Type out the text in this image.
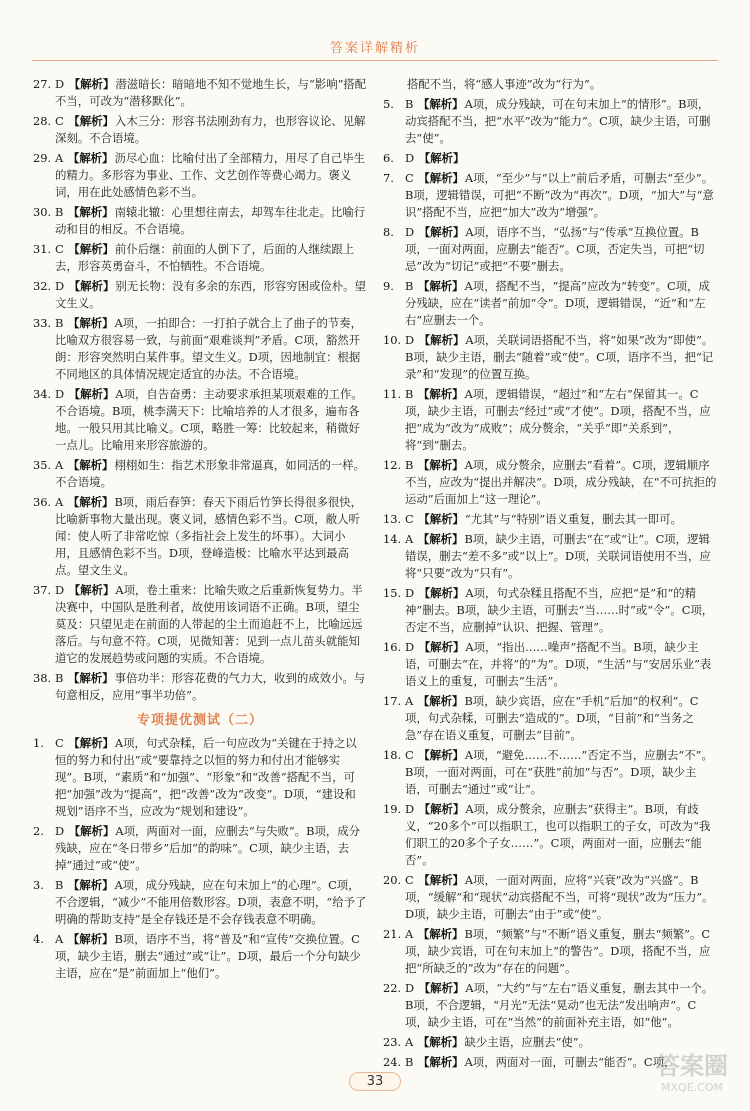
答案详解精析
27. D 【解析】潜滋暗长：暗暗地不知不觉地生长，与“影响”搭配不当，可改为“潜移默化”。
28. C 【解析】入木三分：形容书法刚劲有力，也形容议论、见解深刻。不合语境。
29. A 【解析】沥尽心血：比喻付出了全部精力，用尽了自己毕生的精力。多形容为事业、工作、文艺创作等费心竭力。褒义词，用在此处感情色彩不当。
30. B 【解析】南辕北辙：心里想往南去，却驾车往北走。比喻行动和目的相反。不合语境。
31. C 【解析】前仆后继：前面的人倒下了，后面的人继续跟上去，形容英勇奋斗，不怕牺牲。不合语境。
32. D 【解析】别无长物：没有多余的东西，形容穷困或俭朴。望文生义。
33. B 【解析】A项，一拍即合：一打拍子就合上了曲子的节奏，比喻双方很容易一致，与前面“艰难谈判”矛盾。C项，豁然开朗：形容突然明白某件事。望文生义。D项，因地制宜：根据不同地区的具体情况规定适宜的办法。不合语境。
34. D 【解析】A项，自告奋勇：主动要求承担某项艰难的工作。不合语境。B项，桃李满天下：比喻培养的人才很多，遍布各地。一般只用其比喻义。C项，略胜一筹：比较起来，稍微好一点儿。比喻用来形容旅游的。
35. A 【解析】栩栩如生：指艺术形象非常逼真，如同活的一样。不合语境。
36. A 【解析】B项，雨后春笋：春天下雨后竹笋长得很多很快，比喻新事物大量出现。褒义词，感情色彩不当。C项，敝人听闻：使人听了非常吃惊（多指社会上发生的坏事）。大词小用，且感情色彩不当。D项，登峰造极：比喻水平达到最高点。望文生义。
37. D 【解析】A项，卷土重来：比喻失败之后重新恢复势力。半决赛中，中国队是胜利者，故使用该词语不正确。B项，望尘莫及：只望见走在前面的人带起的尘土而追赶不上，比喻远远落后。与句意不符。C项，见微知著：见到一点儿苗头就能知道它的发展趋势或问题的实质。不合语境。
38. B 【解析】事倍功半：形容花费的气力大，收到的成效小。与句意相反，应用“事半功倍”。
专项提优测试（二）
1. C 【解析】A项，句式杂糅，后一句应改为“关键在于持之以恒的努力和付出”或“要靠持之以恒的努力和付出才能够实现”。B项，“素质”和“加强”、“形象”和“改善”搭配不当，可把“加强”改为“提高”，把“改善”改为“改变”。D项，“建设和规划”语序不当，应改为“规划和建设”。
2. D 【解析】A项，两面对一面，应删去“与失败”。B项，成分残缺，应在“冬日带乡”后加“的韵味”。C项，缺少主语，去掉“通过”或“使”。
3. B 【解析】A项，成分残缺，应在句末加上“的心理”。C项，不合逻辑，“减少”不能用倍数形容。D项，表意不明，“给予了明确的帮助支持”是全存钱还是不会存钱表意不明确。
4. A 【解析】B项，语序不当，将“普及”和“宣传”交换位置。C项，缺少主语，删去“通过”或“让”。D项，最后一个分句缺少主语，应在“是”前面加上“他们”。
搭配不当，将“感人事迹”改为“行为”。
5. B 【解析】A项，成分残缺，可在句末加上“的情形”。B项，动宾搭配不当，把“水平”改为“能力”。C项，缺少主语，可删去“使”。
6. D 【解析】
7. C 【解析】A项，“至少”与“以上”前后矛盾，可删去“至少”。B项，逻辑错误，可把“不断”改为“再次”。D项，“加大”与“意识”搭配不当，应把“加大”改为“增强”。
8. D 【解析】A项，语序不当，“弘扬”与“传承”互换位置。B项，一面对两面，应删去“能否”。C项，否定失当，可把“切忌”改为“切记”或把“不要”删去。
9. B 【解析】A项，搭配不当，“提高”应改为“转变”。C项，成分残缺，应在“读者”前加“令”。D项，逻辑错误，“近”和“左右”应删去一个。
10. D 【解析】A项，关联词语搭配不当，将“如果”改为“即使”。B项，缺少主语，删去“随着”或“使”。C项，语序不当，把“记录”和“发现”的位置互换。
11. B 【解析】A项，逻辑错误，“超过”和“左右”保留其一。C项，缺少主语，可删去“经过”或“才使”。D项，搭配不当，应把“成为”改为“成败”；成分赘余，“关乎”即“关系到”，将“到”删去。
12. B 【解析】A项，成分赘余，应删去“看着”。C项，逻辑顺序不当，应改为“提出并解决”。D项，成分残缺，在“不可抗拒的运动”后面加上“这一理论”。
13. C 【解析】“尤其”与“特别”语义重复，删去其一即可。
14. A 【解析】B项，缺少主语，可删去“在”或“让”。C项，逻辑错误，删去“差不多”或“以上”。D项，关联词语使用不当，应将“只要”改为“只有”。
15. D 【解析】A项，句式杂糅且搭配不当，应把“是”和“的精神”删去。B项，缺少主语，可删去“当……时”或“令”。C项，否定不当，应删掉“认识、把握、管理”。
16. D 【解析】A项，“指出……噪声”搭配不当。B项，缺少主语，可删去“在，并将”的“为”。D项，“生活”与“安居乐业”表语义上的重复，可删去“生活”。
17. A 【解析】B项，缺少宾语，应在“手机”后加“的权利”。C项，句式杂糅，可删去“造成的”。D项，“目前”和“当务之急”存在语义重复，可删去“目前”。
18. C 【解析】A项，“避免……不……”否定不当，应删去“不”。B项，一面对两面，可在“获胜”前加“与否”。D项，缺少主语，可删去“通过”或“让”。
19. D 【解析】A项，成分赘余，应删去“获得主”。B项，有歧义，“20多个”可以指职工，也可以指职工的子女，可改为“我们职工的20多个子女……”。C项，两面对一面，应删去“能否”。
20. C 【解析】A项，一面对两面，应将“兴衰”改为“兴盛”。B项，“缓解”和“现状”动宾搭配不当，可将“现状”改为“压力”。D项，缺少主语，可删去“由于”或“使”。
21. A 【解析】B项，“频繁”与“不断”语义重复，删去“频繁”。C项，缺少宾语，可在句末加上“的警告”。D项，搭配不当，应把“所缺乏的”改为“存在的问题”。
22. D 【解析】A项，“大约”与“左右”语义重复，删去其中一个。B项，不合逻辑，“月光”无法“晃动”也无法“发出响声”。C项，缺少主语，可在“当然”的前面补充主语，如“他”。
23. A 【解析】缺少主语，应删去“使”。
24. B 【解析】A项，两面对一面，可删去“能否”。C项，
33
答案圈
MXQE.COM
